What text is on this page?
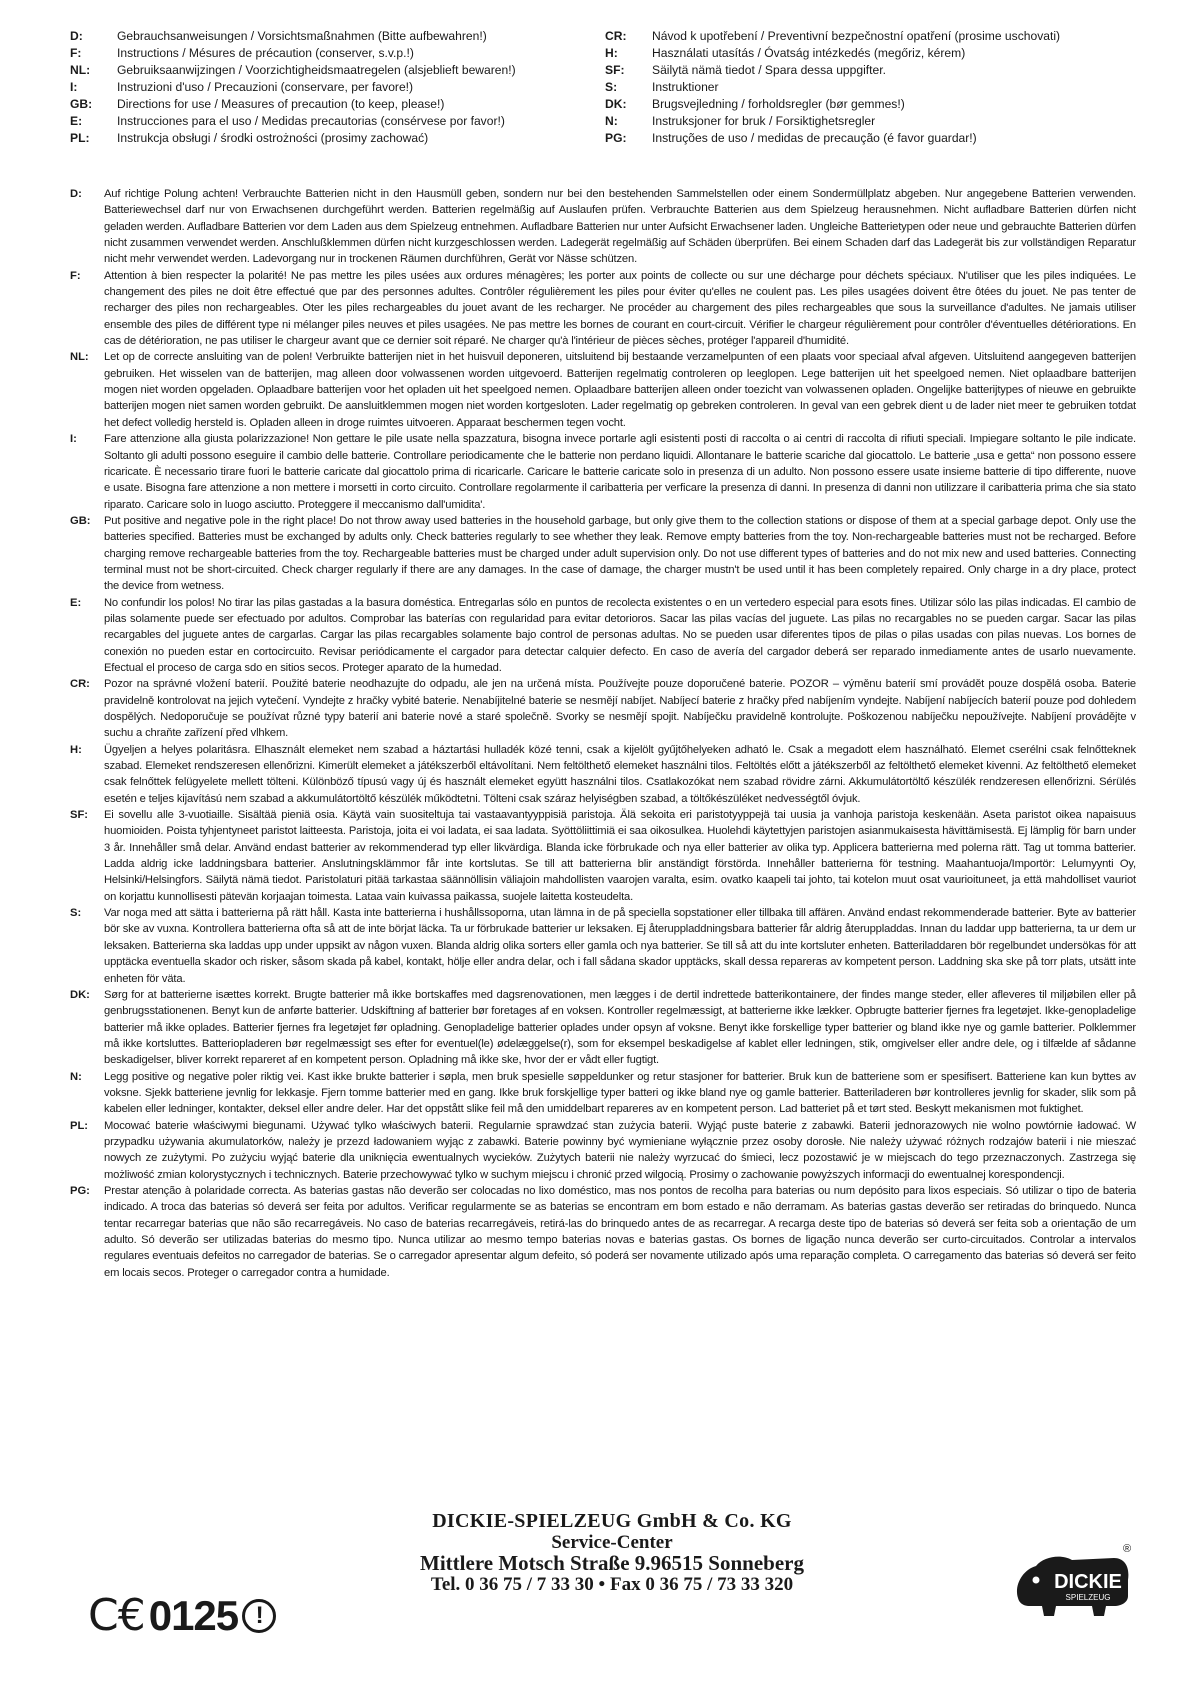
D:	Gebrauchsanweisungen / Vorsichtsmaßnahmen (Bitte aufbewahren!)
F:	Instructions / Mésures de précaution (conserver, s.v.p.!)
NL:	Gebruiksaanwijzingen / Voorzichtigheidsmaatregelen (alsjeblieft bewaren!)
I:	Instruzioni d'uso / Precauzioni (conservare, per favore!)
GB:	Directions for use / Measures of precaution (to keep, please!)
E:	Instrucciones para el uso / Medidas precautorias (consérvese por favor!)
PL:	Instrukcja obsługi / środki ostrożności (prosimy zachować)
CR:	Návod k upotřebení / Preventivní bezpečnostní opatření (prosime uschovati)
H:	Használati utasítás / Óvatság intézkedés (megőriz, kérem)
SF:	Säilytä nämä tiedot / Spara dessa uppgifter.
S:	Instruktioner
DK:	Brugsvejledning / forholdsregler (bør gemmes!)
N:	Instruksjoner for bruk / Forsiktighetsregler
PG:	Instruções de uso / medidas de precaução (é favor guardar!)
D:	Auf richtige Polung achten! Verbrauchte Batterien nicht in den Hausmüll geben, sondern nur bei den bestehenden Sammelstellen oder einem Sondermüllplatz abgeben. Nur angegebene Batterien verwenden. Batteriewechsel darf nur von Erwachsenen durchgeführt werden. Batterien regelmäßig auf Auslaufen prüfen. Verbrauchte Batterien aus dem Spielzeug herausnehmen. Nicht aufladbare Batterien dürfen nicht geladen werden. Aufladbare Batterien vor dem Laden aus dem Spielzeug entnehmen. Aufladbare Batterien nur unter Aufsicht Erwachsener laden. Ungleiche Batterietypen oder neue und gebrauchte Batterien dürfen nicht zusammen verwendet werden. Anschlußklemmen dürfen nicht kurzgeschlossen werden. Ladegerät regelmäßig auf Schäden überprüfen. Bei einem Schaden darf das Ladegerät bis zur vollständigen Reparatur nicht mehr verwendet werden. Ladevorgang nur in trockenen Räumen durchführen, Gerät vor Nässe schützen.
F:	Attention à bien respecter la polarité! Ne pas mettre les piles usées aux ordures ménagères; les porter aux points de collecte ou sur une décharge pour déchets spéciaux. N'utiliser que les piles indiquées. Le changement des piles ne doit être effectué que par des personnes adultes. Contrôler régulièrement les piles pour éviter qu'elles ne coulent pas. Les piles usagées doivent être ôtées du jouet. Ne pas tenter de recharger des piles non rechargeables. Oter les piles rechargeables du jouet avant de les recharger. Ne procéder au chargement des piles rechargeables que sous la surveillance d'adultes. Ne jamais utiliser ensemble des piles de différent type ni mélanger piles neuves et piles usagées. Ne pas mettre les bornes de courant en court-circuit. Vérifier le chargeur régulièrement pour contrôler d'éventuelles détériorations. En cas de détérioration, ne pas utiliser le chargeur avant que ce dernier soit réparé. Ne charger qu'à l'intérieur de pièces sèches, protéger l'appareil d'humidité.
NL:	Let op de correcte ansluiting van de polen! Verbruikte batterijen niet in het huisvuil deponeren, uitsluitend bij bestaande verzamelpunten of een plaats voor speciaal afval afgeven. Uitsluitend aangegeven batterijen gebruiken. Het wisselen van de batterijen, mag alleen door volwassenen worden uitgevoerd. Batterijen regelmatig controleren op leeglopen. Lege batterijen uit het speelgoed nemen. Niet oplaadbare batterijen mogen niet worden opgeladen. Oplaadbare batterijen voor het opladen uit het speelgoed nemen. Oplaadbare batterijen alleen onder toezicht van volwassenen opladen. Ongelijke batterijtypes of nieuwe en gebruikte batterijen mogen niet samen worden gebruikt. De aansluitklemmen mogen niet worden kortgesloten. Lader regelmatig op gebreken controleren. In geval van een gebrek dient u de lader niet meer te gebruiken totdat het defect volledig hersteld is. Opladen alleen in droge ruimtes uitvoeren. Apparaat beschermen tegen vocht.
I:	Fare attenzione alla giusta polarizzazione! Non gettare le pile usate nella spazzatura, bisogna invece portarle agli esistenti posti di raccolta o ai centri di raccolta di rifiuti speciali. Impiegare soltanto le pile indicate. Soltanto gli adulti possono eseguire il cambio delle batterie. Controllare periodicamente che le batterie non perdano liquidi. Allontanare le batterie scariche dal giocattolo. Le batterie „usa e getta“ non possono essere ricaricate. È necessario tirare fuori le batterie caricate dal giocattolo prima di ricaricarle. Caricare le batterie caricate solo in presenza di un adulto. Non possono essere usate insieme batterie di tipo differente, nuove e usate. Bisogna fare attenzione a non mettere i morsetti in corto circuito. Controllare regolarmente il caribatteria per verficare la presenza di danni. In presenza di danni non utilizzare il caribatteria prima che sia stato riparato. Caricare solo in luogo asciutto. Proteggere il meccanismo dall'umidita'.
GB:	Put positive and negative pole in the right place! Do not throw away used batteries in the household garbage, but only give them to the collection stations or dispose of them at a special garbage depot. Only use the batteries specified. Batteries must be exchanged by adults only. Check batteries regularly to see whether they leak. Remove empty batteries from the toy. Non-rechargeable batteries must not be recharged. Before charging remove rechargeable batteries from the toy. Rechargeable batteries must be charged under adult supervision only. Do not use different types of batteries and do not mix new and used batteries. Connecting terminal must not be short-circuited. Check charger regularly if there are any damages. In the case of damage, the charger mustn't be used until it has been completely repaired. Only charge in a dry place, protect the device from wetness.
E:	No confundir los polos! No tirar las pilas gastadas a la basura doméstica. Entregarlas sólo en puntos de recolecta existentes o en un vertedero especial para esots fines. Utilizar sólo las pilas indicadas. El cambio de pilas solamente puede ser efectuado por adultos. Comprobar las baterías con regularidad para evitar detorioros. Sacar las pilas vacías del juguete. Las pilas no recargables no se pueden cargar. Sacar las pilas recargables del juguete antes de cargarlas. Cargar las pilas recargables solamente bajo control de personas adultas. No se pueden usar diferentes tipos de pilas o pilas usadas con pilas nuevas. Los bornes de conexión no pueden estar en cortocircuito. Revisar periódicamente el cargador para detectar calquier defecto. En caso de avería del cargador deberá ser reparado inmediamente antes de usarlo nuevamente. Efectual el proceso de carga sdo en sitios secos. Proteger aparato de la humedad.
CR:	Pozor na správné vložení baterií. Použité baterie neodhazujte do odpadu, ale jen na určená místa. Používejte pouze doporučené baterie. POZOR – výměnu baterií smí provádět pouze dospělá osoba. Baterie pravidelně kontrolovat na jejich vytečení. Vyndejte z hračky vybité baterie. Nenabíjitelné baterie se nesmějí nabíjet. Nabíjecí baterie z hračky před nabíjením vyndejte. Nabíjení nabíjecích baterií pouze pod dohledem dospělých. Nedoporučuje se používat různé typy baterií ani baterie nové a staré společně. Svorky se nesmějí spojit. Nabíječku pravidelně kontrolujte. Poškozenou nabíječku nepoužívejte. Nabíjení provádějte v suchu a chraňte zařízení před vlhkem.
H:	Ügyeljen a helyes polaritásra. Elhasznált elemeket nem szabad a háztartási hulladék közé tenni, csak a kijelölt gyűjtőhelyeken adható le. Csak a megadott elem használható. Elemet cserélni csak felnőtteknek szabad. Elemeket rendszeresen ellenőrizni. Kimerült elemeket a játékszerből eltávolítani. Nem feltölthető elemeket használni tilos. Feltöltés előtt a játékszerből az feltölthető elemeket kivenni. Az feltölthető elemeket csak felnőttek felügyelete mellett tölteni. Különböző típusú vagy új és használt elemeket együtt használni tilos. Csatlakozókat nem szabad rövidre zárni. Akkumulátortöltő készülék rendzeresen ellenőrizni. Sérülés esetén e teljes kijavítású nem szabad a akkumulátortöltő készülék működtetni. Tölteni csak száraz helyiségben szabad, a töltőkészüléket nedvességtől óvjuk.
SF:	Ei sovellu alle 3-vuotiaille. Sisältää pieniä osia. Käytä vain suositeltuja tai vastaavantyyppisiä paristoja. Älä sekoita eri paristotyyppejä tai uusia ja vanhoja paristoja keskenään. Aseta paristot oikea napaisuus huomioiden. Poista tyhjentyneet paristot laitteesta. Paristoja, joita ei voi ladata, ei saa ladata. Syöttöliittimiä ei saa oikosulkea. Huolehdi käytettyjen paristojen asianmukaisesta hävittämisestä. Ej lämplig för barn under 3 år. Innehåller små delar. Använd endast batterier av rekommenderad typ eller likvärdiga. Blanda icke förbrukade och nya eller batterier av olika typ. Applicera batterierna med polerna rätt. Tag ut tomma batterier. Ladda aldrig icke laddningsbara batterier. Anslutningsklämmor får inte kortslutas. Se till att batterierna blir anständigt förstörda. Innehåller batterierna för testning. Maahantuoja/Importör: Lelumyynti Oy, Helsinki/Helsingfors. Säilytä nämä tiedot. Paristolaturi pitää tarkastaa säännöllisin väliajoin mahdollisten vaarojen varalta, esim. ovatko kaapeli tai johto, tai kotelon muut osat vaurioituneet, ja että mahdolliset vauriot on korjattu kunnollisesti pätevän korjaajan toimesta. Lataa vain kuivassa paikassa, suojele laitetta kosteudelta.
S:	Var noga med att sätta i batterierna på rätt håll. Kasta inte batterierna i hushållssoporna, utan lämna in de på speciella sopstationer eller tillbaka till affären. Använd endast rekommenderade batterier. Byte av batterier bör ske av vuxna. Kontrollera batterierna ofta så att de inte börjat läcka. Ta ur förbrukade batterier ur leksaken. Ej återuppladdningsbara batterier får aldrig återuppladdas. Innan du laddar upp batterierna, ta ur dem ur leksaken. Batterierna ska laddas upp under uppsikt av någon vuxen. Blanda aldrig olika sorters eller gamla och nya batterier. Se till så att du inte kortsluter enheten. Batteriladdaren bör regelbundet undersökas för att upptäcka eventuella skador och risker, såsom skada på kabel, kontakt, hölje eller andra delar, och i fall sådana skador upptäcks, skall dessa repareras av kompetent person. Laddning ska ske på torr plats, utsätt inte enheten för väta.
DK:	Sørg for at batterierne isættes korrekt. Brugte batterier må ikke bortskaffes med dagsrenovationen, men lægges i de dertil indrettede batterikontainere, der findes mange steder, eller afleveres til miljøbilen eller på genbrugsstationenen. Benyt kun de anførte batterier. Udskiftning af batterier bør foretages af en voksen. Kontroller regelmæssigt, at batterierne ikke lækker. Opbrugte batterier fjernes fra legetøjet. Ikke-genopladelige batterier må ikke oplades. Batterier fjernes fra legetøjet før opladning. Genopladelige batterier oplades under opsyn af voksne. Benyt ikke forskellige typer batterier og bland ikke nye og gamle batterier. Polklemmer må ikke kortsluttes. Batteriopladeren bør regelmæssigt ses efter for eventuel(le) ødelæggelse(r), som for eksempel beskadigelse af kablet eller ledningen, stik, omgivelser eller andre dele, og i tilfælde af sådanne beskadigelser, bliver korrekt repareret af en kompetent person. Opladning må ikke ske, hvor der er vådt eller fugtigt.
N:	Legg positive og negative poler riktig vei. Kast ikke brukte batterier i søpla, men bruk spesielle søppeldunker og retur stasjoner for batterier. Bruk kun de batteriene som er spesifisert. Batteriene kan kun byttes av voksne. Sjekk batteriene jevnlig for lekkasje. Fjern tomme batterier med en gang. Ikke bruk forskjellige typer batteri og ikke bland nye og gamle batterier. Batteriladeren bør kontrolleres jevnlig for skader, slik som på kabelen eller ledninger, kontakter, deksel eller andre deler. Har det oppstått slike feil må den umiddelbart repareres av en kompetent person. Lad batteriet på et tørt sted. Beskytt mekanismen mot fuktighet.
PL:	Mocować baterie właściwymi biegunami. Używać tylko właściwych baterii. Regularnie sprawdzać stan zużycia baterii. Wyjąć puste baterie z zabawki. Baterii jednorazowych nie wolno powtórnie ładować. W przypadku używania akumulatorków, należy je przezd ładowaniem wyjąc z zabawki. Baterie powinny być wymieniane wyłącznie przez osoby dorosłe. Nie należy używać różnych rodzajów baterii i nie mieszać nowych ze zużytymi. Po zużyciu wyjąć baterie dla uniknięcia ewentualnych wycieków. Zużytych baterii nie należy wyrzucać do śmieci, lecz pozostawić je w miejscach do tego przeznaczonych. Zastrzega się możliwość zmian kolorystycznych i technicznych. Baterie przechowywać tylko w suchym miejscu i chronić przed wilgocią. Prosimy o zachowanie powyższych informacji do ewentualnej korespondencji.
PG:	Prestar atenção à polaridade correcta. As baterias gastas não deverão ser colocadas no lixo doméstico, mas nos pontos de recolha para baterias ou num depósito para lixos especiais. Só utilizar o tipo de bateria indicado. A troca das baterias só deverá ser feita por adultos. Verificar regularmente se as baterias se encontram em bom estado e não derramam. As baterias gastas deverão ser retiradas do brinquedo. Nunca tentar recarregar baterias que não são recarregáveis. No caso de baterias recarregáveis, retirá-las do brinquedo antes de as recarregar. A recarga deste tipo de baterias só deverá ser feita sob a orientação de um adulto. Só deverão ser utilizadas baterias do mesmo tipo. Nunca utilizar ao mesmo tempo baterias novas e baterias gastas. Os bornes de ligação nunca deverão ser curto-circuitados. Controlar a intervalos regulares eventuais defeitos no carregador de baterias. Se o carregador apresentar algum defeito, só poderá ser novamente utilizado após uma reparação completa. O carregamento das baterias só deverá ser feito em locais secos. Proteger o carregador contra a humidade.
DICKIE-SPIELZEUG GmbH & Co. KG
Service-Center
Mittlere Motsch Straße 9.96515 Sonneberg
Tel. 0 36 75 / 7 33 30 • Fax 0 36 75 / 73 33 320
C€ 0125 !
DICKIE
SPIELZEUG
®
